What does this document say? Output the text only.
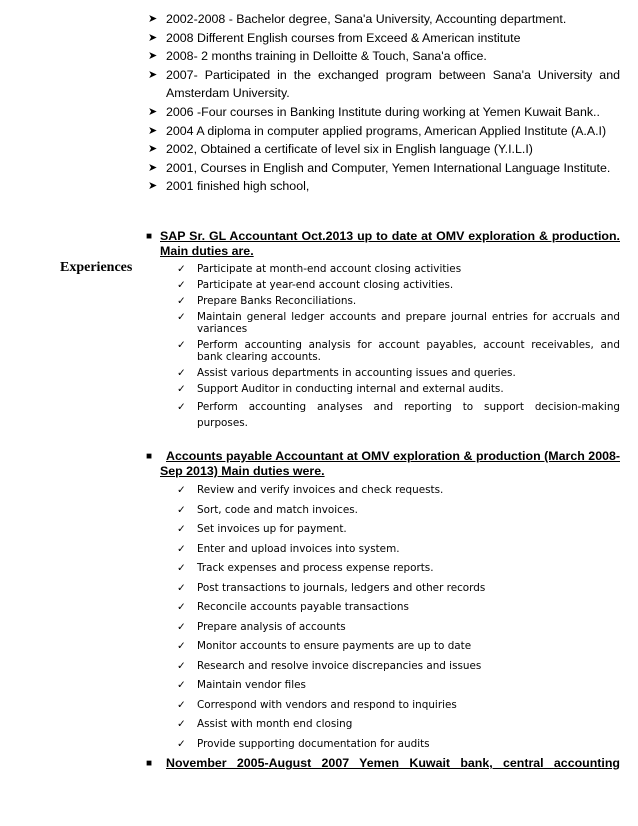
➤ 2002-2008 - Bachelor degree, Sana'a University, Accounting department.
➤ 2008 Different English courses from Exceed & American institute
➤ 2008- 2 months training in Delloitte & Touch, Sana'a office.
➤ 2007- Participated in the exchanged program between Sana'a University and Amsterdam University.
➤ 2006 -Four courses in Banking Institute during working at Yemen Kuwait Bank..
➤ 2004 A diploma in computer applied programs, American Applied Institute (A.A.I)
➤ 2002, Obtained a certificate of level six in English language (Y.I.L.I)
➤ 2001, Courses in English and Computer, Yemen International Language Institute.
➤ 2001 finished high school,
Experiences
■ SAP Sr. GL Accountant Oct.2013 up to date at OMV exploration & production. Main duties are.
✓ Participate at month-end account closing activities
✓ Participate at year-end account closing activities.
✓ Prepare Banks Reconciliations.
✓ Maintain general ledger accounts and prepare journal entries for accruals and variances
✓ Perform accounting analysis for account payables, account receivables, and bank clearing accounts.
✓ Assist various departments in accounting issues and queries.
✓ Support Auditor in conducting internal and external audits.
✓ Perform accounting analyses and reporting to support decision-making purposes.
■ Accounts payable Accountant at OMV exploration & production (March 2008-Sep 2013) Main duties were.
✓ Review and verify invoices and check requests.
✓ Sort, code and match invoices.
✓ Set invoices up for payment.
✓ Enter and upload invoices into system.
✓ Track expenses and process expense reports.
✓ Post transactions to journals, ledgers and other records
✓ Reconcile accounts payable transactions
✓ Prepare analysis of accounts
✓ Monitor accounts to ensure payments are up to date
✓ Research and resolve invoice discrepancies and issues
✓ Maintain vendor files
✓ Correspond with vendors and respond to inquiries
✓ Assist with month end closing
✓ Provide supporting documentation for audits
■ November 2005-August 2007 Yemen Kuwait bank, central accounting
